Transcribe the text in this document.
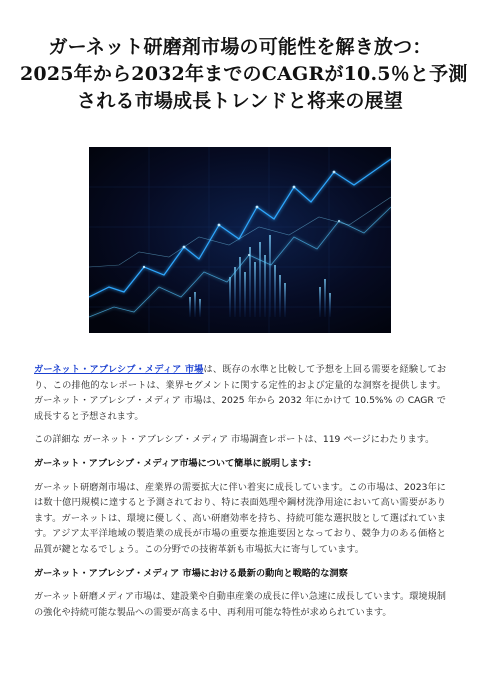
ガーネット研磨剤市場の可能性を解き放つ：
2025年から2032年までのCAGRが10.5％と予測
される市場成長トレンドと将来の展望

ガーネット・アブレシブ・メディア 市場は、既存の水準と比較して予想を上回る需要を経験しており、この排他的なレポートは、業界セグメントに関する定性的および定量的な洞察を提供します。 ガーネット・アブレシブ・メディア 市場は、2025 年から 2032 年にかけて 10.5%% の CAGR で成長すると予想されます。

この詳細な ガーネット・アブレシブ・メディア 市場調査レポートは、119 ページにわたります。

ガーネット・アブレシブ・メディア市場について簡単に説明します:

ガーネット研磨剤市場は、産業界の需要拡大に伴い着実に成長しています。この市場は、2023年には数十億円規模に達すると予測されており、特に表面処理や鋼材洗浄用途において高い需要があります。ガーネットは、環境に優しく、高い研磨効率を持ち、持続可能な選択肢として選ばれています。アジア太平洋地域の製造業の成長が市場の重要な推進要因となっており、競争力のある価格と品質が鍵となるでしょう。この分野での技術革新も市場拡大に寄与しています。

ガーネット・アブレシブ・メディア 市場における最新の動向と戦略的な洞察

ガーネット研磨メディア市場は、建設業や自動車産業の成長に伴い急速に成長しています。環境規制の強化や持続可能な製品への需要が高まる中、再利用可能な特性が求められています。
